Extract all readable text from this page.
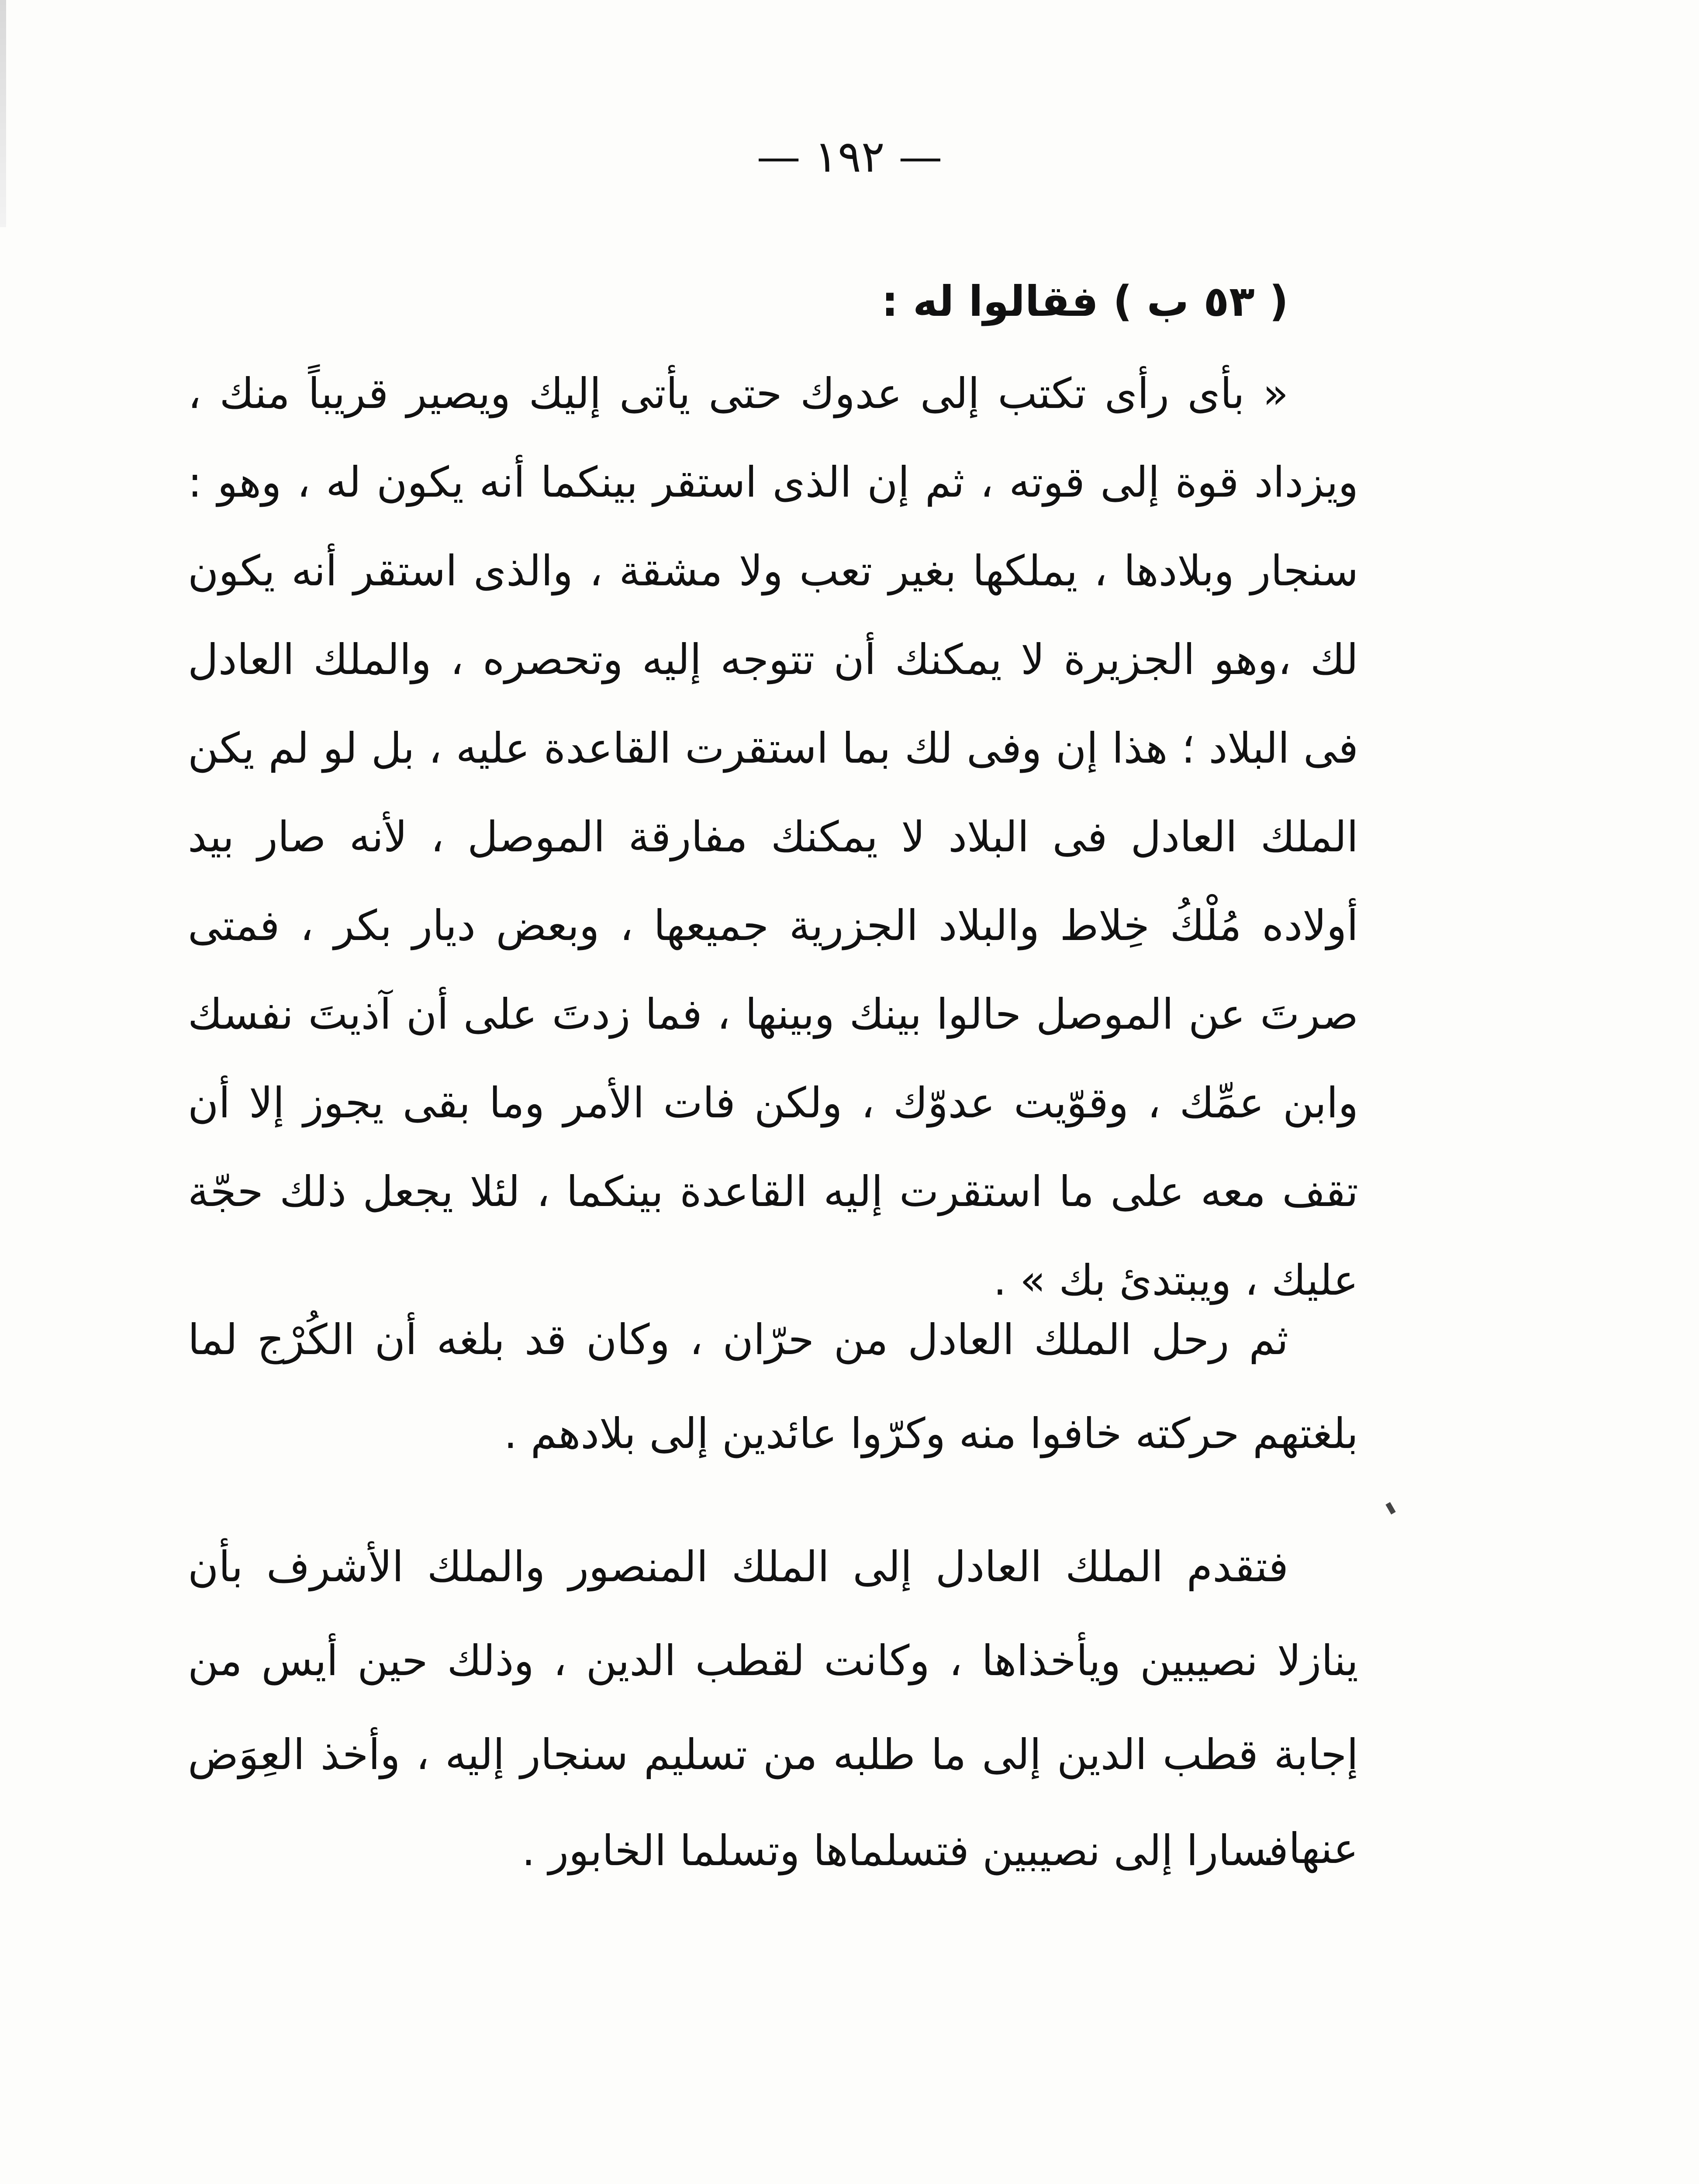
— ١٩٢ —
( ٥٣ ب ) فقالوا له :

« بأى رأى تكتب إلى عدوك حتى يأتى إليك ويصير قريباً منك ، ويزداد قوة إلى قوته ، ثم إن الذى استقر بينكما أنه يكون له ، وهو : سنجار وبلادها ، يملكها بغير تعب ولا مشقة ، والذى استقر أنه يكون لك ،وهو الجزيرة لا يمكنك أن تتوجه إليه وتحصره ، والملك العادل فى البلاد ؛ هذا إن وفى لك بما استقرت القاعدة عليه ، بل لو لم يكن الملك العادل فى البلاد لا يمكنك مفارقة الموصل ، لأنه صار بيد أولاده مُلْكُ خِلاط والبلاد الجزرية جميعها ، وبعض ديار بكر ، فمتى صرتَ عن الموصل حالوا بينك وبينها ، فما زدتَ على أن آذيتَ نفسك وابن عمِّك ، وقوّيت عدوّك ، ولكن فات الأمر وما بقى يجوز إلا أن تقف معه على ما استقرت إليه القاعدة بينكما ، لئلا يجعل ذلك حجّة عليك ، ويبتدئ بك » .

ثم رحل الملك العادل من حرّان ، وكان قد بلغه أن الكُرْج لما بلغتهم حركته خافوا منه وكرّوا عائدين إلى بلادهم .

فتقدم الملك العادل إلى الملك المنصور والملك الأشرف بأن ينازلا نصيبين ويأخذاها ، وكانت لقطب الدين ، وذلك حين أيس من إجابة قطب الدين إلى ما طلبه من تسليم سنجار إليه ، وأخذ العِوَض عنها .

فسارا إلى نصيبين فتسلماها وتسلما الخابور .
